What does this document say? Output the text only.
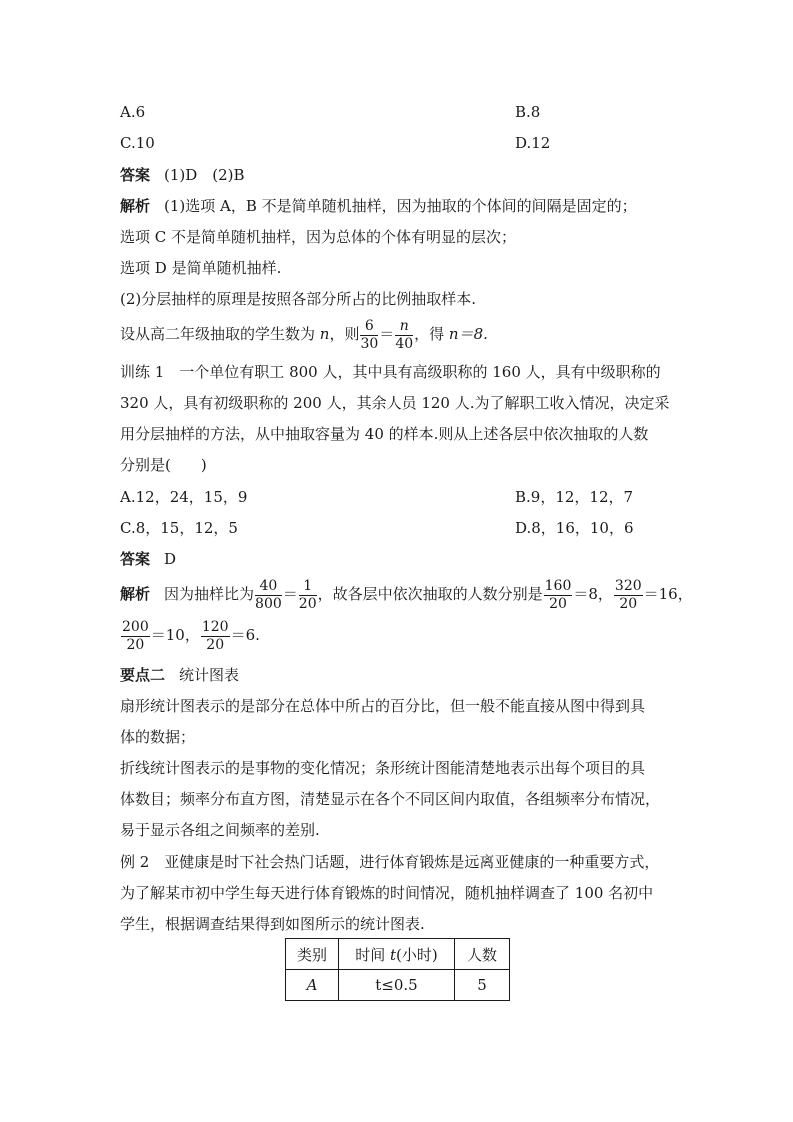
A.6	B.8
C.10	D.12
答案 (1)D　(2)B
解析 (1)选项 A，B 不是简单随机抽样，因为抽取的个体间的间隔是固定的；
选项 C 不是简单随机抽样，因为总体的个体有明显的层次；
选项 D 是简单随机抽样.
(2)分层抽样的原理是按照各部分所占的比例抽取样本.
设从高二年级抽取的学生数为 n，则 $\frac{6}{30} = \frac{n}{40}$ ，得 n＝8.
训练 1　一个单位有职工 800 人，其中具有高级职称的 160 人，具有中级职称的
320 人，具有初级职称的 200 人，其余人员 120 人.为了解职工收入情况，决定采
用分层抽样的方法，从中抽取容量为 40 的样本.则从上述各层中依次抽取的人数
分别是(　　)
A.12，24，15，9	B.9，12，12，7
C.8，15，12，5	D.8，16，10，6
答案 D
解析 因为抽样比为 $\frac{40}{800} = \frac{1}{20}$ ，故各层中依次抽取的人数分别是 $\frac{160}{20} =8$， $\frac{320}{20} =16$，
$\frac{200}{20} =10$， $\frac{120}{20} =6$.
要点二 统计图表
扇形统计图表示的是部分在总体中所占的百分比，但一般不能直接从图中得到具
体的数据；
折线统计图表示的是事物的变化情况；条形统计图能清楚地表示出每个项目的具
体数目；频率分布直方图，清楚显示在各个不同区间内取值，各组频率分布情况，
易于显示各组之间频率的差别.
例 2　亚健康是时下社会热门话题，进行体育锻炼是远离亚健康的一种重要方式，
为了解某市初中学生每天进行体育锻炼的时间情况，随机抽样调查了 100 名初中
学生，根据调查结果得到如图所示的统计图表.
类别	时间 t(小时)	人数
A	t≤0.5	5
